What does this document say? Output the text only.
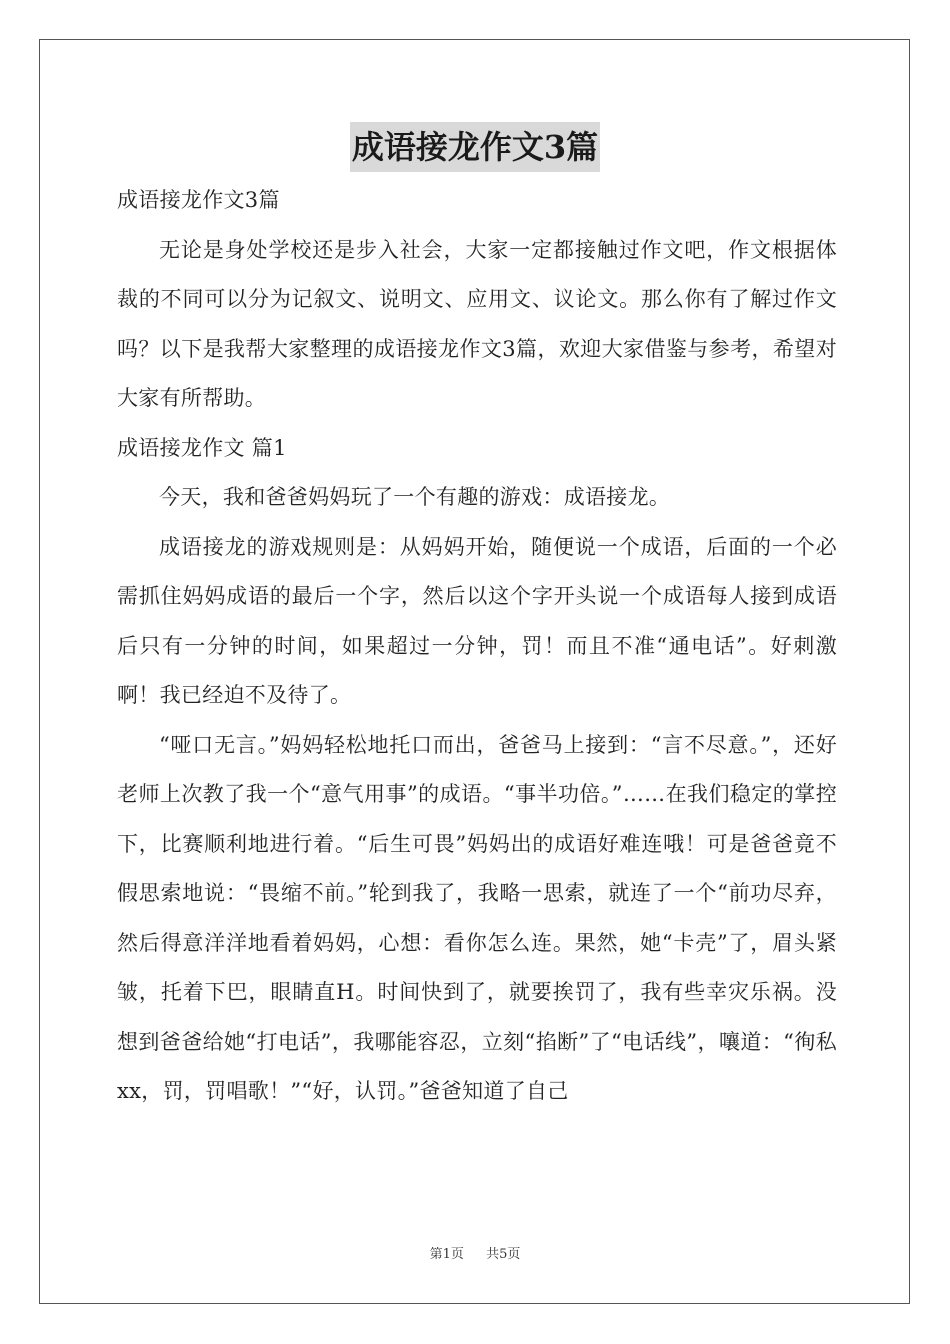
成语接龙作文3篇

成语接龙作文3篇

无论是身处学校还是步入社会，大家一定都接触过作文吧，作文根据体裁的不同可以分为记叙文、说明文、应用文、议论文。那么你有了解过作文吗？以下是我帮大家整理的成语接龙作文3篇，欢迎大家借鉴与参考，希望对大家有所帮助。

成语接龙作文 篇1

今天，我和爸爸妈妈玩了一个有趣的游戏：成语接龙。

成语接龙的游戏规则是：从妈妈开始，随便说一个成语，后面的一个必需抓住妈妈成语的最后一个字，然后以这个字开头说一个成语每人接到成语后只有一分钟的时间，如果超过一分钟，罚！而且不准“通电话”。好刺激啊！我已经迫不及待了。

“哑口无言。”妈妈轻松地托口而出，爸爸马上接到：“言不尽意。”，还好老师上次教了我一个“意气用事”的成语。“事半功倍。”……在我们稳定的掌控下，比赛顺利地进行着。“后生可畏”妈妈出的成语好难连哦！可是爸爸竟不假思索地说：“畏缩不前。”轮到我了，我略一思索，就连了一个“前功尽弃，然后得意洋洋地看着妈妈，心想：看你怎么连。果然，她“卡壳”了，眉头紧皱，托着下巴，眼睛直H。时间快到了，就要挨罚了，我有些幸灾乐祸。没想到爸爸给她“打电话”，我哪能容忍，立刻“掐断”了“电话线”，嚷道：“徇私xx，罚，罚唱歌！”“好，认罚。”爸爸知道了自己

第1页 共5页
